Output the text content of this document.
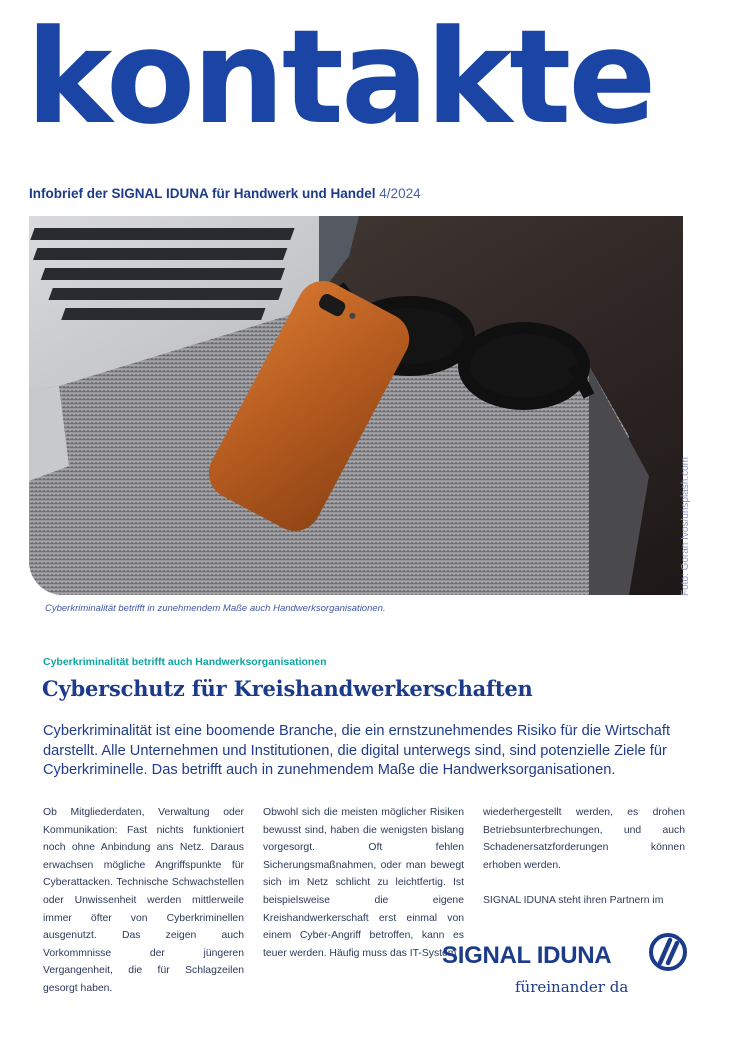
kontakte
Infobrief der SIGNAL IDUNA für Handwerk und Handel 4/2024
Foto: Goran Ivos/unsplash.com
Cyberkriminalität betrifft in zunehmendem Maße auch Handwerksorganisationen.
Cyberkriminalität betrifft auch Handwerksorganisationen
Cyberschutz für Kreishandwerkerschaften
Cyberkriminalität ist eine boomende Branche, die ein ernstzunehmendes Risiko für die Wirtschaft darstellt. Alle Unternehmen und Institutionen, die digital unterwegs sind, sind potenzielle Ziele für Cyberkriminelle. Das betrifft auch in zunehmendem Maße die Handwerksorganisationen.

Ob Mitgliederdaten, Verwaltung oder Kommunikation: Fast nichts funktioniert noch ohne Anbindung ans Netz. Daraus erwachsen mögliche Angriffspunkte für Cyberattacken. Technische Schwachstellen oder Unwissenheit werden mittlerweile immer öfter von Cyberkriminellen ausgenutzt. Das zeigen auch Vorkommnisse der jüngeren Vergangenheit, die für Schlagzeilen gesorgt haben.

Obwohl sich die meisten möglicher Risiken bewusst sind, haben die wenigsten bislang vorgesorgt. Oft fehlen Sicherungsmaßnahmen, oder man bewegt sich im Netz schlicht zu leichtfertig. Ist beispielsweise die eigene Kreishandwerkerschaft erst einmal von einem Cyber-Angriff betroffen, kann es teuer werden. Häufig muss das IT-System

wiederhergestellt werden, es drohen Betriebsunterbrechungen, und auch Schadenersatzforderungen können erhoben werden.

SIGNAL IDUNA steht ihren Partnern im

SIGNAL IDUNA
füreinander da
